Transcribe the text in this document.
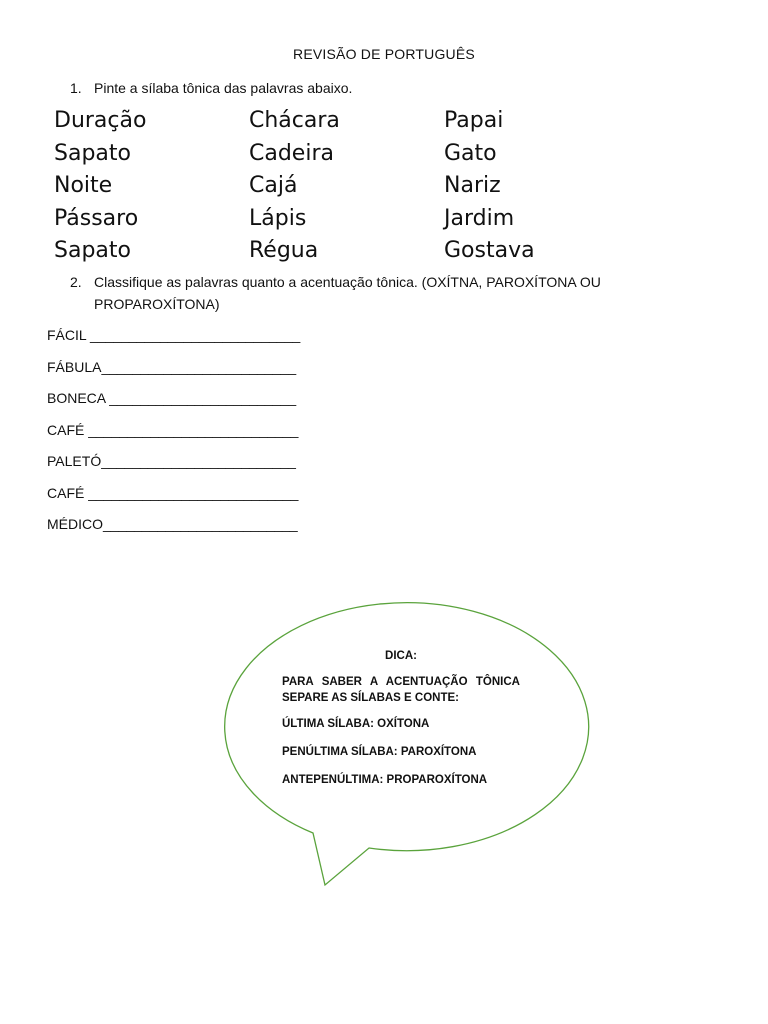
REVISÃO DE PORTUGUÊS
1. Pinte a sílaba tônica das palavras abaixo.
Duração	Chácara	Papai
Sapato	Cadeira	Gato
Noite	Cajá	Nariz
Pássaro	Lápis	Jardim
Sapato	Régua	Gostava
2. Classifique as palavras quanto a acentuação tônica. (OXÍTNA, PAROXÍTONA OU PROPAROXÍTONA)
FÁCIL ___________________________
FÁBULA_________________________
BONECA ________________________
CAFÉ ___________________________
PALETÓ_________________________
CAFÉ ___________________________
MÉDICO_________________________
DICA:
PARA SABER A ACENTUAÇÃO TÔNICA SEPARE AS SÍLABAS E CONTE:
ÚLTIMA SÍLABA: OXÍTONA
PENÚLTIMA SÍLABA: PAROXÍTONA
ANTEPENÚLTIMA: PROPAROXÍTONA
